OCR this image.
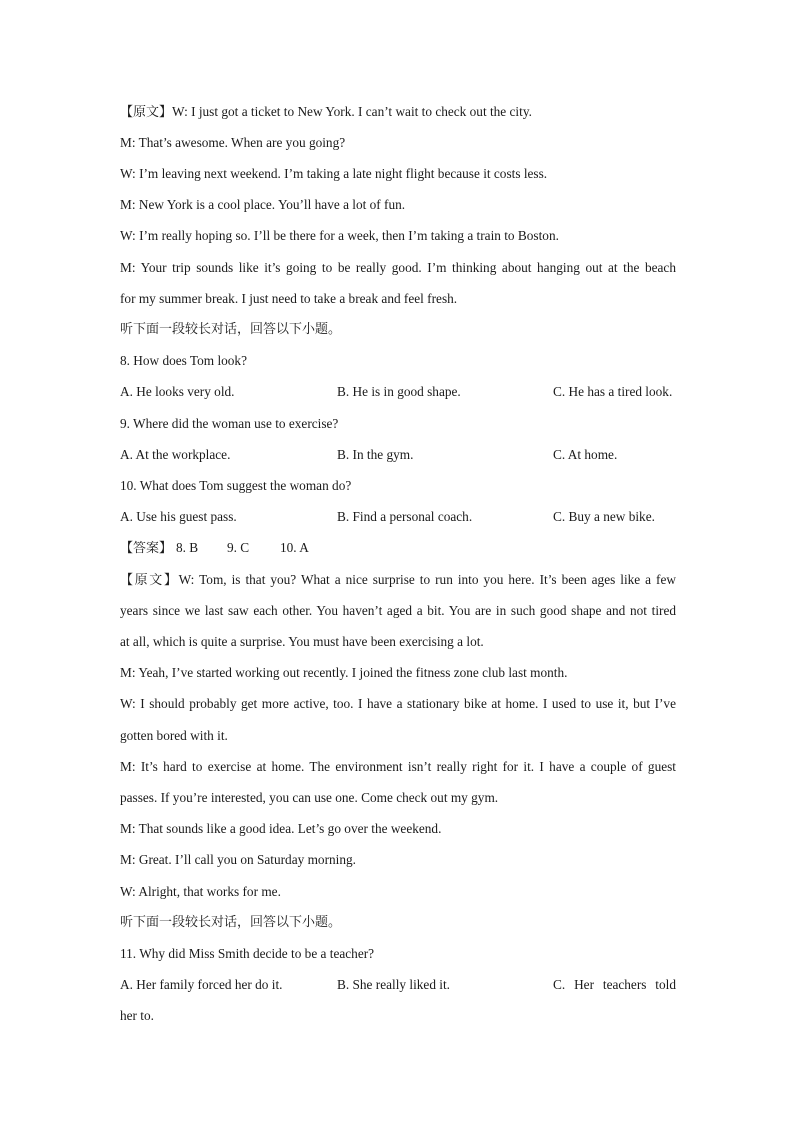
【原文】W: I just got a ticket to New York. I can’t wait to check out the city.
M: That’s awesome. When are you going?
W: I’m leaving next weekend. I’m taking a late night flight because it costs less.
M: New York is a cool place. You’ll have a lot of fun.
W: I’m really hoping so. I’ll be there for a week, then I’m taking a train to Boston.
M: Your trip sounds like it’s going to be really good. I’m thinking about hanging out at the beach
for my summer break. I just need to take a break and feel fresh.
听下面一段较长对话，回答以下小题。
8. How does Tom look?
A. He looks very old.	B. He is in good shape.	C. He has a tired look.
9. Where did the woman use to exercise?
A. At the workplace.	B. In the gym.	C. At home.
10. What does Tom suggest the woman do?
A. Use his guest pass.	B. Find a personal coach.	C. Buy a new bike.
【答案】 8. B 9. C 10. A
【原文】W: Tom, is that you? What a nice surprise to run into you here. It’s been ages like a few
years since we last saw each other. You haven’t aged a bit. You are in such good shape and not tired
at all, which is quite a surprise. You must have been exercising a lot.
M: Yeah, I’ve started working out recently. I joined the fitness zone club last month.
W: I should probably get more active, too. I have a stationary bike at home. I used to use it, but I’ve
gotten bored with it.
M: It’s hard to exercise at home. The environment isn’t really right for it. I have a couple of guest
passes. If you’re interested, you can use one. Come check out my gym.
M: That sounds like a good idea. Let’s go over the weekend.
M: Great. I’ll call you on Saturday morning.
W: Alright, that works for me.
听下面一段较长对话，回答以下小题。
11. Why did Miss Smith decide to be a teacher?
A. Her family forced her do it.	B. She really liked it.	C. Her teachers told
her to.
